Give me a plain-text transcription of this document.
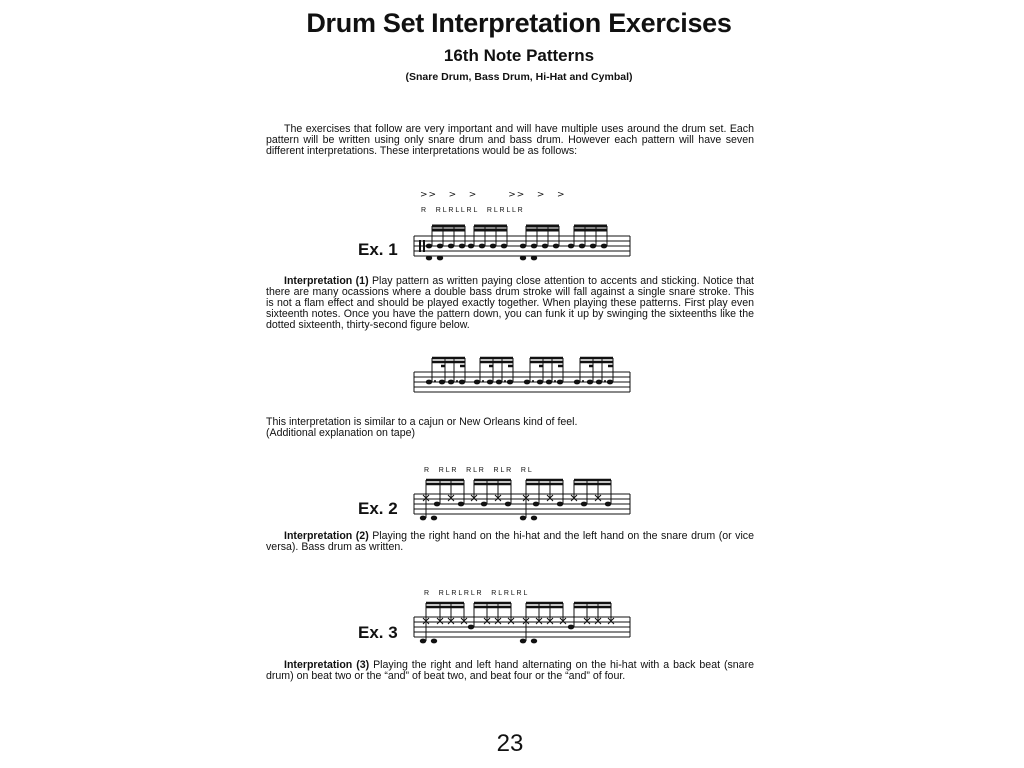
Drum Set Interpretation Exercises
16th Note Patterns
(Snare Drum, Bass Drum, Hi-Hat and Cymbal)
The exercises that follow are very important and will have multiple uses around the drum set. Each pattern will be written using only snare drum and bass drum. However each pattern will have seven different interpretations. These interpretations would be as follows:
>>   >   >        >>   >   >
R     R L R L L R L     R L R L L R
Ex. 1
Interpretation (1) Play pattern as written paying close attention to accents and sticking. Notice that there are many ocassions where a double bass drum stroke will fall against a single snare stroke. This is not a flam effect and should be played exactly together. When playing these patterns. First play even sixteenth notes. Once you have the pattern down, you can funk it up by swinging the sixteenths like the dotted sixteenth, thirty-second figure below.
This interpretation is similar to a cajun or New Orleans kind of feel.
(Additional explanation on tape)
R     R L R     R L R     R L R     R L
Ex. 2
Interpretation (2) Playing the right hand on the hi-hat and the left hand on the snare drum (or vice versa). Bass drum as written.
R     R L R L R L R     R L R L R L
Ex. 3
Interpretation (3) Playing the right and left hand alternating on the hi-hat with a back beat (snare drum) on beat two or the “and” of beat two, and beat four or the “and” of four.
23
